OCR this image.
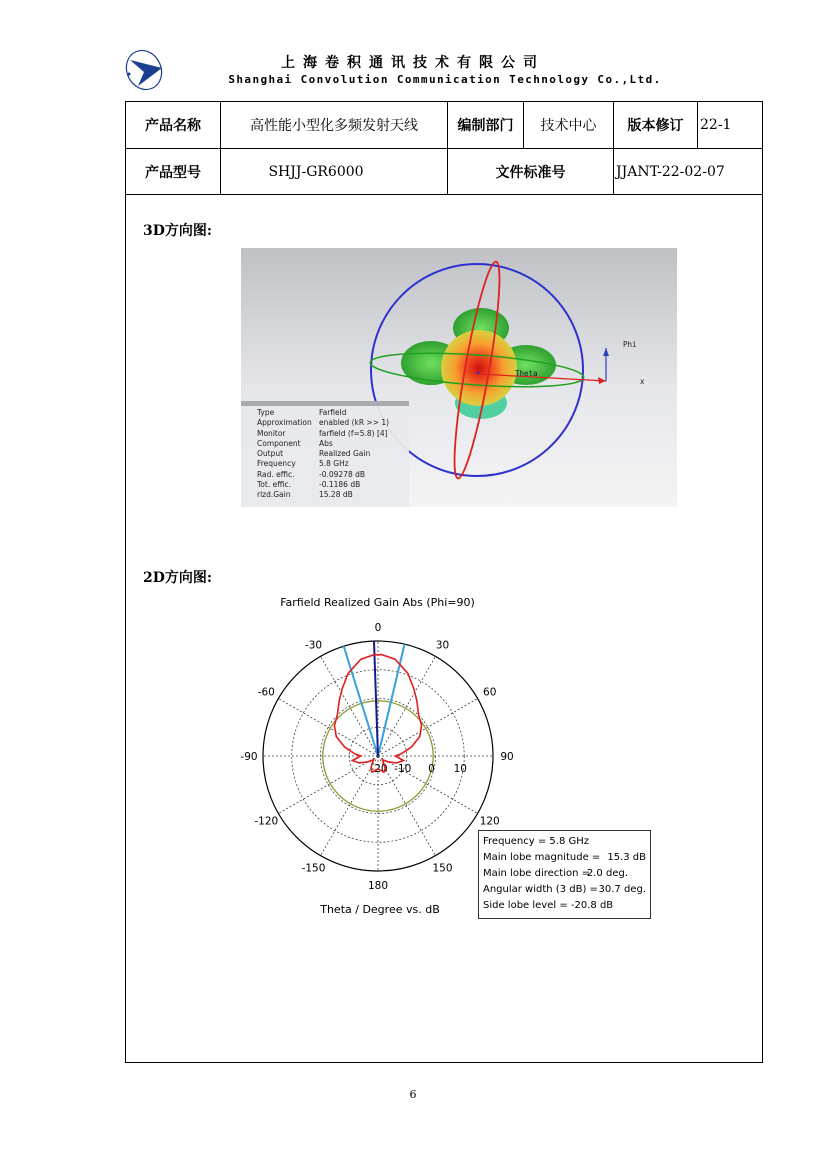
上海卷积通讯技术有限公司
Shanghai Convolution Communication Technology Co.,Ltd.
产品名称	高性能小型化多频发射天线	编制部门	技术中心	版本修订	22-1
产品型号	SHJJ-GR6000	文件标准号	JJANT-22-02-07
3D方向图:
Phi
Theta
x
Type	Farfield
Approximation	enabled (kR >> 1)
Monitor	farfield (f=5.8) [4]
Component	Abs
Output	Realized Gain
Frequency	5.8 GHz
Rad. effic.	-0.09278 dB
Tot. effic.	-0.1186 dB
rlzd.Gain	15.28 dB
2D方向图:
Farfield Realized Gain Abs (Phi=90)
0
-30
-60
-90
-120
-150
180
150
120
90
60
30
-20 -10 0 10
Theta / Degree vs. dB
Frequency = 5.8 GHz
Main lobe magnitude = 15.3 dB
Main lobe direction =
2.0 deg.
Angular width (3 dB) = 30.7 deg.
Side lobe level = -20.8 dB
6
